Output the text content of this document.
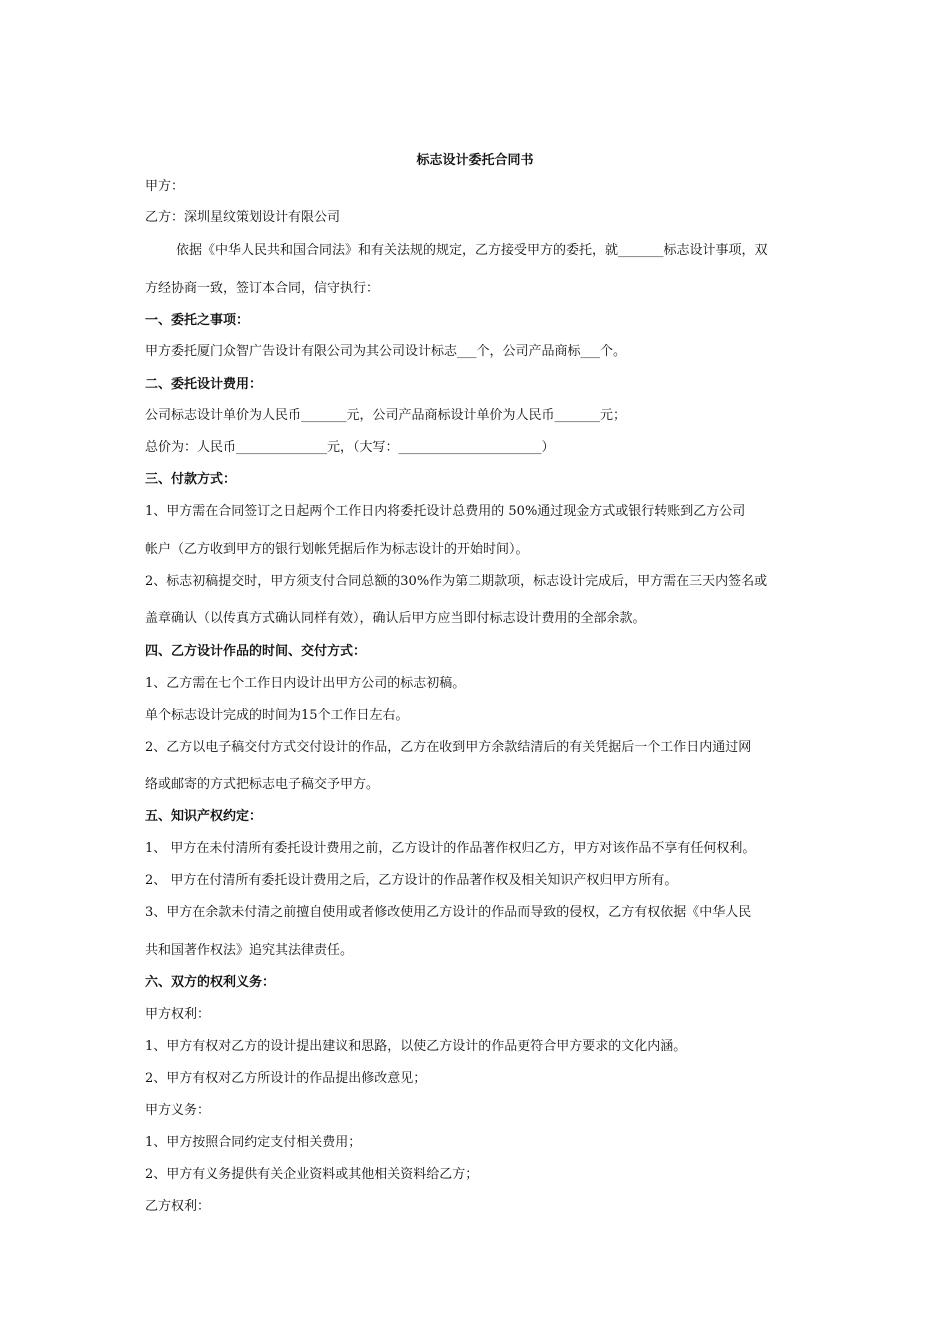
标志设计委托合同书
甲方：
乙方：深圳星纹策划设计有限公司
依据《中华人民共和国合同法》和有关法规的规定，乙方接受甲方的委托，就_______标志设计事项，双
方经协商一致，签订本合同，信守执行：
一、委托之事项：
甲方委托厦门众智广告设计有限公司为其公司设计标志___个，公司产品商标___个。
二、委托设计费用：
公司标志设计单价为人民币_______元，公司产品商标设计单价为人民币_______元；
总价为：人民币______________元，（大写：______________________）
三、付款方式：
1、甲方需在合同签订之日起两个工作日内将委托设计总费用的 50%通过现金方式或银行转账到乙方公司
帐户（乙方收到甲方的银行划帐凭据后作为标志设计的开始时间）。
2、标志初稿提交时，甲方须支付合同总额的30%作为第二期款项，标志设计完成后，甲方需在三天内签名或
盖章确认（以传真方式确认同样有效），确认后甲方应当即付标志设计费用的全部余款。
四、乙方设计作品的时间、交付方式：
1、乙方需在七个工作日内设计出甲方公司的标志初稿。
单个标志设计完成的时间为15个工作日左右。
2、乙方以电子稿交付方式交付设计的作品，乙方在收到甲方余款结清后的有关凭据后一个工作日内通过网
络或邮寄的方式把标志电子稿交予甲方。
五、知识产权约定：
1、 甲方在未付清所有委托设计费用之前，乙方设计的作品著作权归乙方，甲方对该作品不享有任何权利。
2、 甲方在付清所有委托设计费用之后，乙方设计的作品著作权及相关知识产权归甲方所有。
3、甲方在余款未付清之前擅自使用或者修改使用乙方设计的作品而导致的侵权，乙方有权依据《中华人民
共和国著作权法》追究其法律责任。
六、双方的权利义务：
甲方权利：
1、甲方有权对乙方的设计提出建议和思路，以使乙方设计的作品更符合甲方要求的文化内涵。
2、甲方有权对乙方所设计的作品提出修改意见；
甲方义务：
1、甲方按照合同约定支付相关费用；
2、甲方有义务提供有关企业资料或其他相关资料给乙方；
乙方权利：
